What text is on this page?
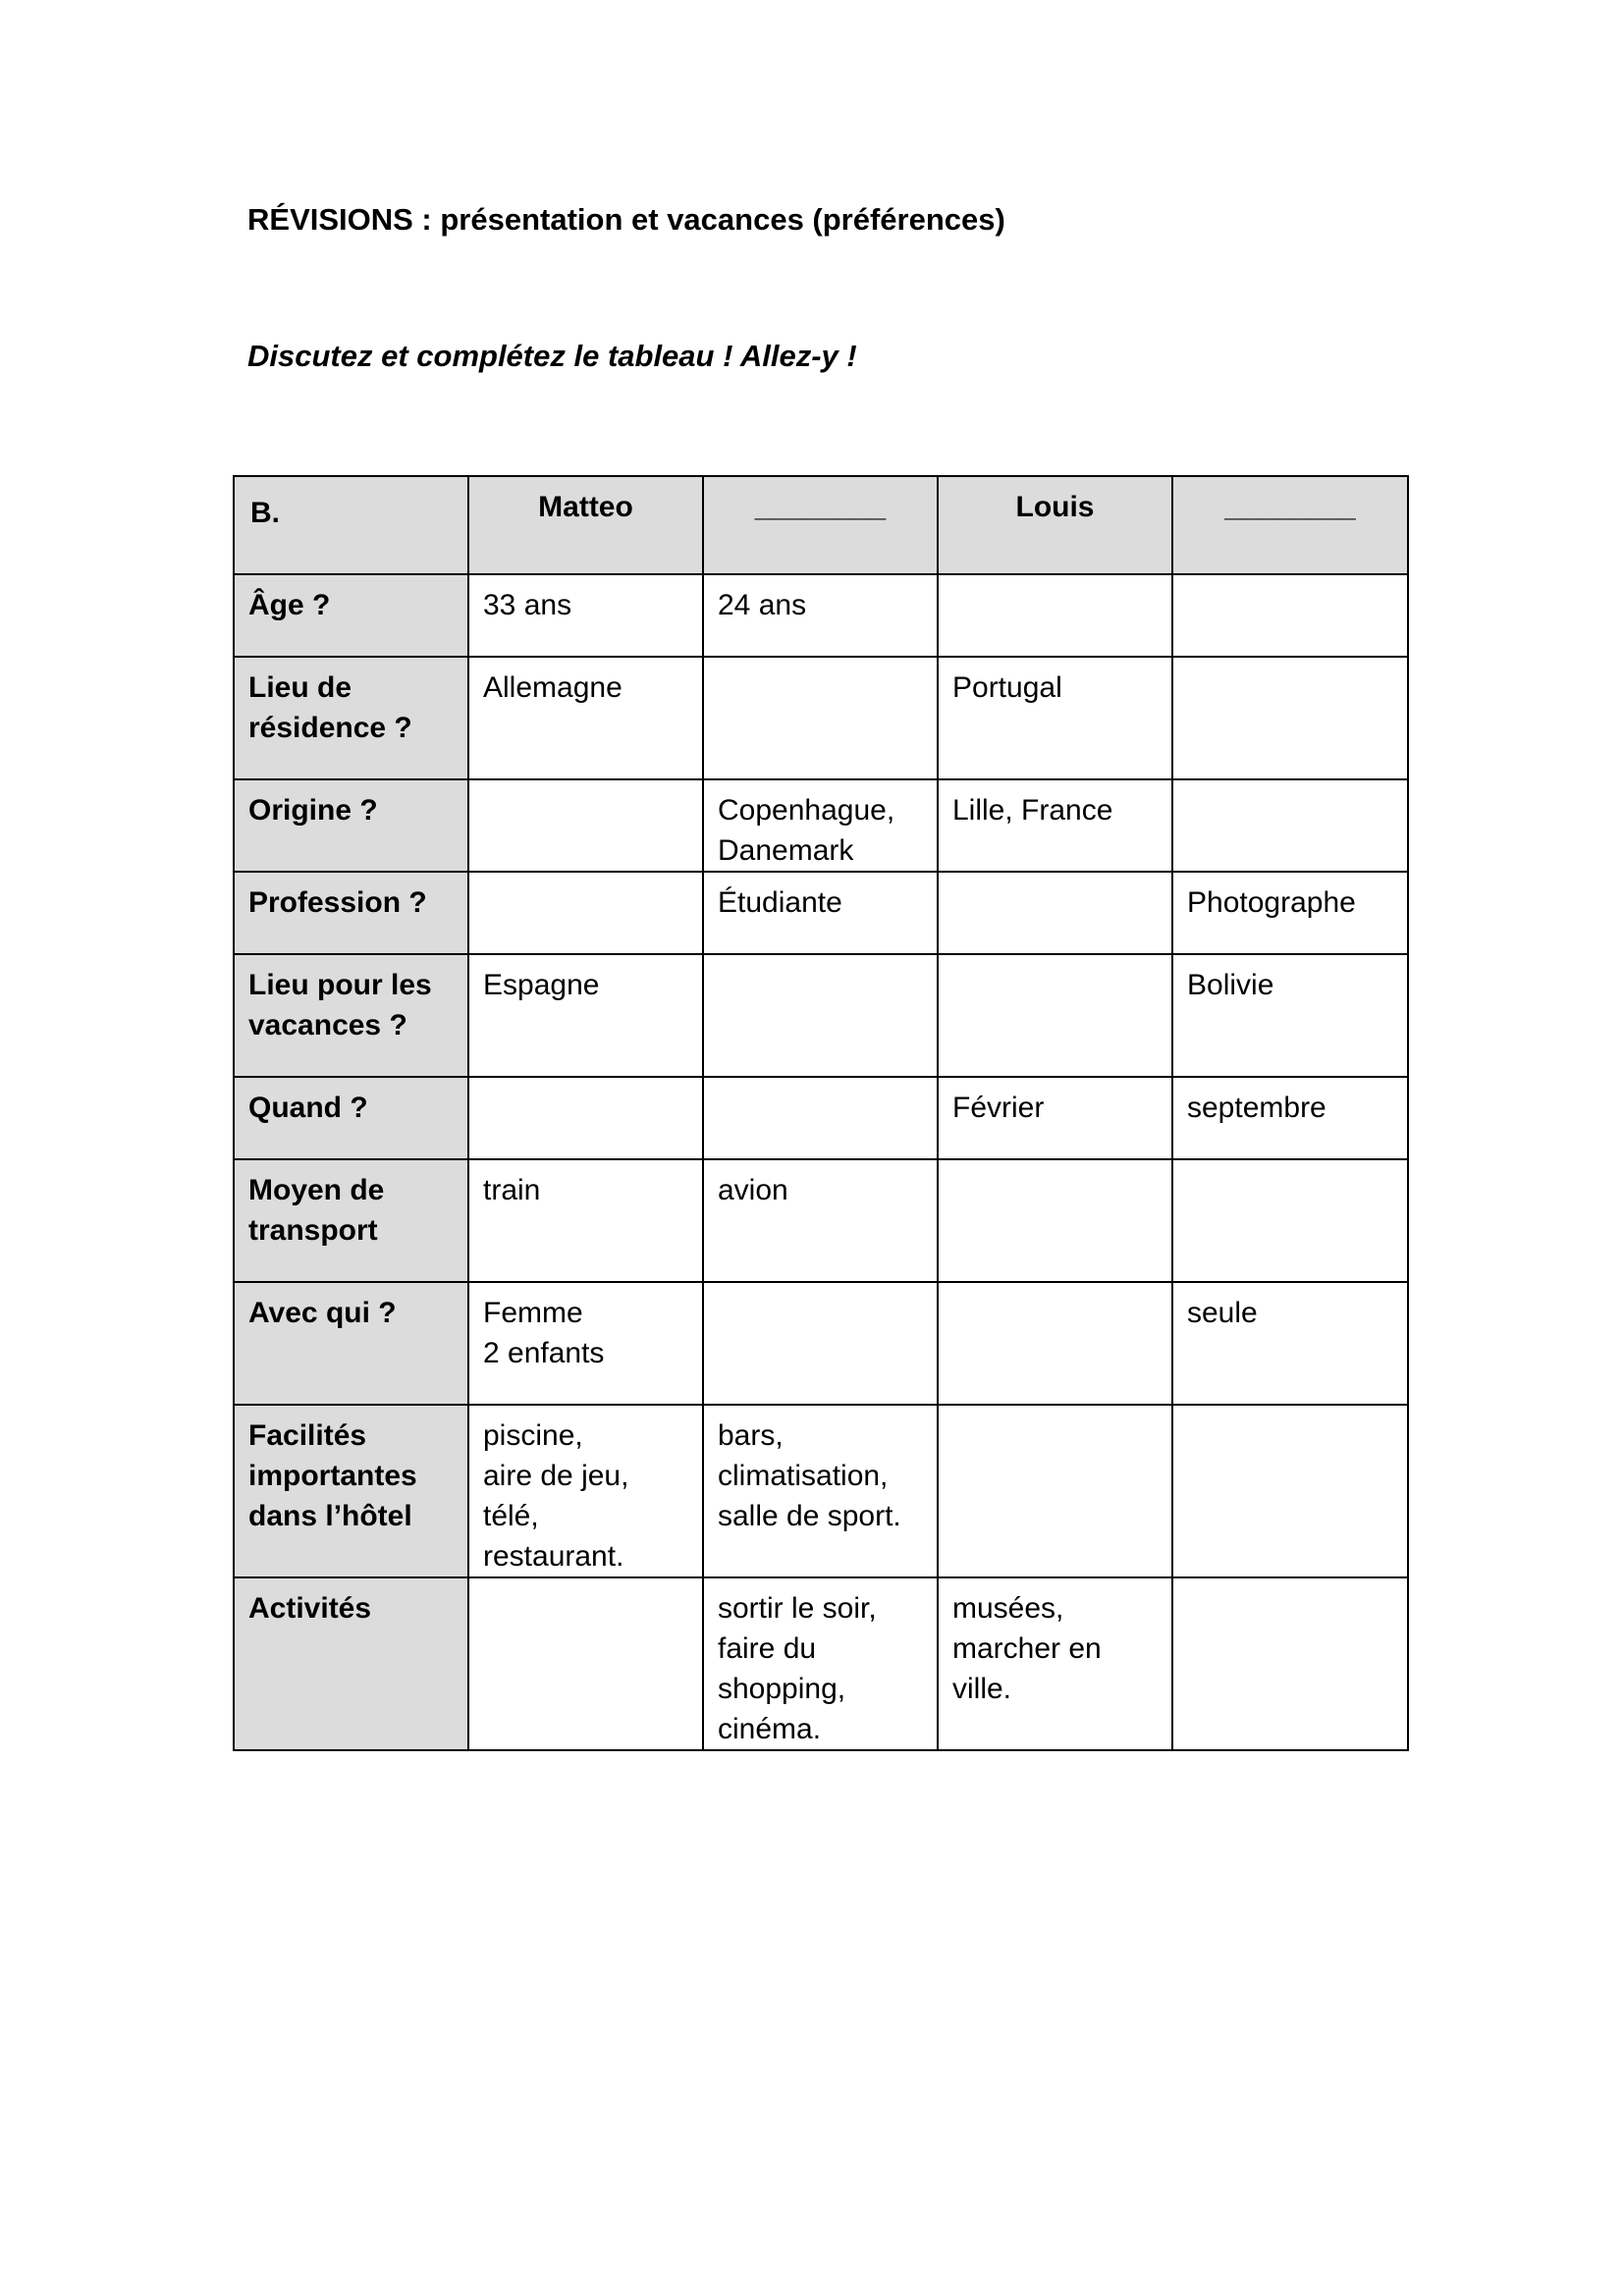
RÉVISIONS : présentation et vacances (préférences)
Discutez et complétez le tableau ! Allez-y !
B.	Matteo	________	Louis	________
Âge ?	33 ans	24 ans		
Lieu de
résidence ?	Allemagne		Portugal	
Origine ?		Copenhague,
Danemark	Lille, France	
Profession ?		Étudiante		Photographe
Lieu pour les
vacances ?	Espagne			Bolivie
Quand ?			Février	septembre
Moyen de
transport	train	avion		
Avec qui ?	Femme
2 enfants			seule
Facilités
importantes
dans l’hôtel	piscine,
aire de jeu,
télé,
restaurant.	bars,
climatisation,
salle de sport.		
Activités		sortir le soir,
faire du
shopping,
cinéma.	musées,
marcher en
ville.	
